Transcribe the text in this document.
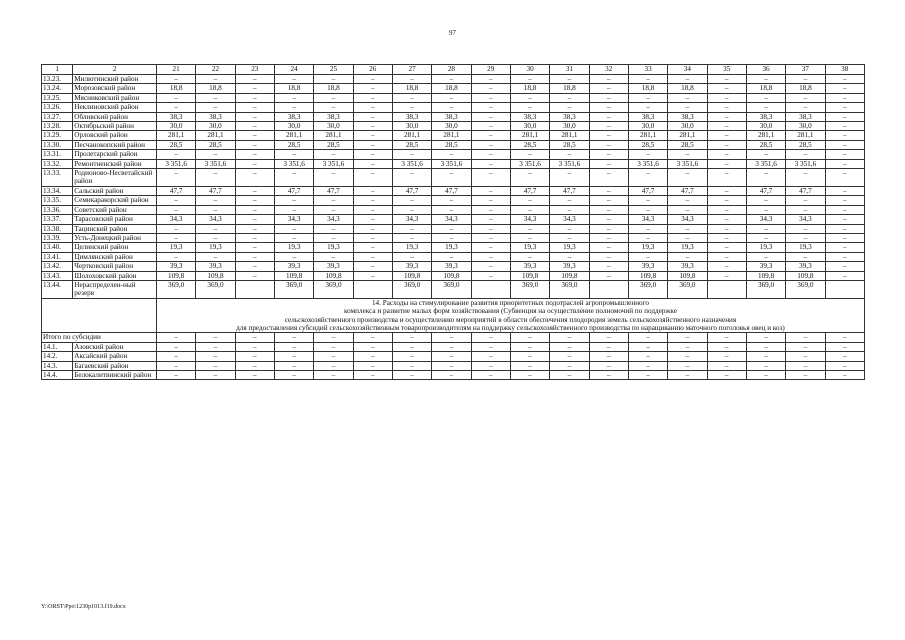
97
1	2	21	22	23	24	25	26	27	28	29	30	31	32	33	34	35	36	37	38
13.23.	Милютинский район	–	–	–	–	–	–	–	–	–	–	–	–	–	–	–	–	–	–
13.24.	Морозовский район	18,8	18,8	–	18,8	18,8	–	18,8	18,8	–	18,8	18,8	–	18,8	18,8	–	18,8	18,8	–
13.25.	Мясниковский район	–	–	–	–	–	–	–	–	–	–	–	–	–	–	–	–	–	–
13.26.	Неклиновский район	–	–	–	–	–	–	–	–	–	–	–	–	–	–	–	–	–	–
13.27.	Обливский район	38,3	38,3	–	38,3	38,3	–	38,3	38,3	–	38,3	38,3	–	38,3	38,3	–	38,3	38,3	–
13.28.	Октябрьский район	30,0	30,0	–	30,0	30,0	–	30,0	30,0	–	30,0	30,0	–	30,0	30,0	–	30,0	30,0	–
13.29.	Орловский район	281,1	281,1	–	281,1	281,1	–	281,1	281,1	–	281,1	281,1	–	281,1	281,1	–	281,1	281,1	–
13.30.	Песчанокопский район	28,5	28,5	–	28,5	28,5	–	28,5	28,5	–	28,5	28,5	–	28,5	28,5	–	28,5	28,5	–
13.31.	Пролетарский район	–	–	–	–	–	–	–	–	–	–	–	–	–	–	–	–	–	–
13.32.	Ремонтненский район	3 351,6	3 351,6	–	3 351,6	3 351,6	–	3 351,6	3 351,6	–	3 351,6	3 351,6	–	3 351,6	3 351,6	–	3 351,6	3 351,6	–
13.33.	Родионово-Несветайский район	–	–	–	–	–	–	–	–	–	–	–	–	–	–	–	–	–	–
13.34.	Сальский район	47,7	47,7	–	47,7	47,7	–	47,7	47,7	–	47,7	47,7	–	47,7	47,7	–	47,7	47,7	–
13.35.	Семикаракорский район	–	–	–	–	–	–	–	–	–	–	–	–	–	–	–	–	–	–
13.36.	Советский район	–	–	–	–	–	–	–	–	–	–	–	–	–	–	–	–	–	–
13.37.	Тарасовский район	34,3	34,3	–	34,3	34,3	–	34,3	34,3	–	34,3	34,3	–	34,3	34,3	–	34,3	34,3	–
13.38.	Тацинский район	–	–	–	–	–	–	–	–	–	–	–	–	–	–	–	–	–	–
13.39.	Усть-Донецкий район	–	–	–	–	–	–	–	–	–	–	–	–	–	–	–	–	–	–
13.40.	Целинский район	19,3	19,3	–	19,3	19,3	–	19,3	19,3	–	19,3	19,3	–	19,3	19,3	–	19,3	19,3	–
13.41.	Цимлянский район	–	–	–	–	–	–	–	–	–	–	–	–	–	–	–	–	–	–
13.42.	Чертковский район	39,3	39,3	–	39,3	39,3	–	39,3	39,3	–	39,3	39,3	–	39,3	39,3	–	39,3	39,3	–
13.43.	Шолоховский район	109,8	109,8	–	109,8	109,8	–	109,8	109,8	–	109,8	109,8	–	109,8	109,8	–	109,8	109,8	–
13.44.	Нераспределен-ный резерв	369,0	369,0		369,0	369,0		369,0	369,0		369,0	369,0		369,0	369,0		369,0	369,0	

		14. Расходы на стимулирование развития приоритетных подотраслей агропромышленного
комплекса и развитие малых форм хозяйствования (Субвенция на осуществление полномочий по поддержке
сельскохозяйственного производства и осуществлению мероприятий в области обеспечения плодородия земель сельскохозяйственного назначения
для предоставления субсидий сельскохозяйственным товаропроизводителям на поддержку сельскохозяйственного производства по наращиванию маточного поголовья овец и коз)																	

Итого по субсидии		–	–	–	–	–	–	–	–	–	–	–	–	–	–	–	–	–	–
14.1.	Азовский район	–	–	–	–	–	–	–	–	–	–	–	–	–	–	–	–	–	–
14.2.	Аксайский район	–	–	–	–	–	–	–	–	–	–	–	–	–	–	–	–	–	–
14.3.	Багаевский район	–	–	–	–	–	–	–	–	–	–	–	–	–	–	–	–	–	–
14.4.	Белокалитвинский район	–	–	–	–	–	–	–	–	–	–	–	–	–	–	–	–	–	–
Y:\ORST\Ppo\1230p1013.f19.docx
